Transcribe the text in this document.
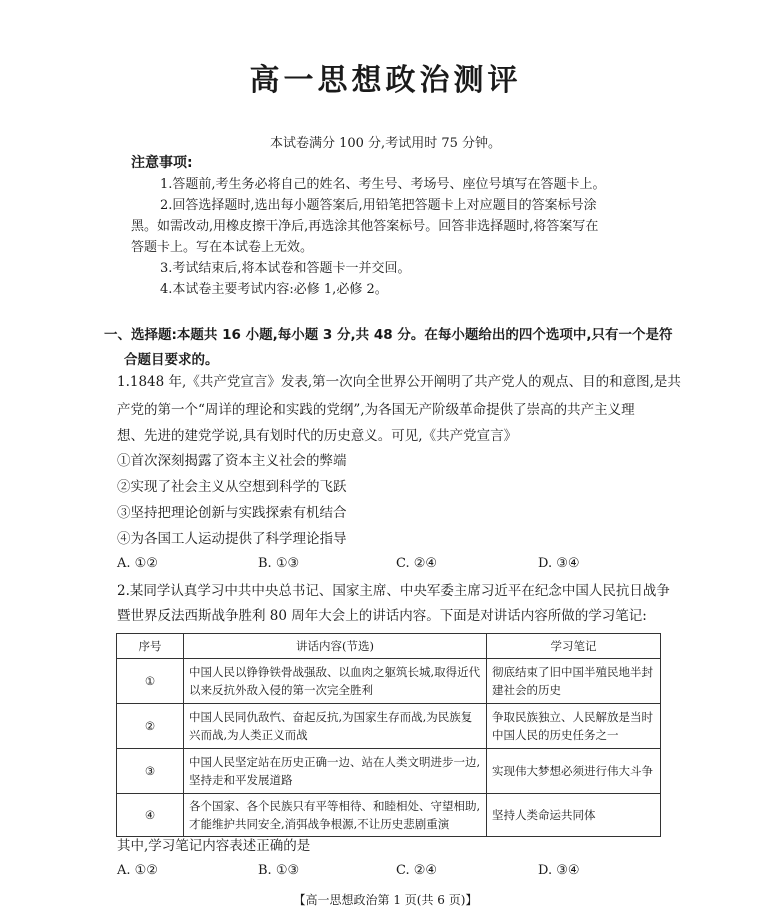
高一思想政治测评
本试卷满分 100 分,考试用时 75 分钟。
注意事项:
1.答题前,考生务必将自己的姓名、考生号、考场号、座位号填写在答题卡上。
2.回答选择题时,选出每小题答案后,用铅笔把答题卡上对应题目的答案标号涂
黑。如需改动,用橡皮擦干净后,再选涂其他答案标号。回答非选择题时,将答案写在
答题卡上。写在本试卷上无效。
3.考试结束后,将本试卷和答题卡一并交回。
4.本试卷主要考试内容:必修 1,必修 2。
一、选择题:本题共 16 小题,每小题 3 分,共 48 分。在每小题给出的四个选项中,只有一个是符
合题目要求的。
1.1848 年,《共产党宣言》发表,第一次向全世界公开阐明了共产党人的观点、目的和意图,是共
产党的第一个“周详的理论和实践的党纲”,为各国无产阶级革命提供了崇高的共产主义理
想、先进的建党学说,具有划时代的历史意义。可见,《共产党宣言》
①首次深刻揭露了资本主义社会的弊端
②实现了社会主义从空想到科学的飞跃
③坚持把理论创新与实践探索有机结合
④为各国工人运动提供了科学理论指导
A. ①②	B. ①③	C. ②④	D. ③④
2.某同学认真学习中共中央总书记、国家主席、中央军委主席习近平在纪念中国人民抗日战争
暨世界反法西斯战争胜利 80 周年大会上的讲话内容。下面是对讲话内容所做的学习笔记:
序号	讲话内容(节选)	学习笔记
①	中国人民以铮铮铁骨战强敌、以血肉之躯筑长城,取得近代以来反抗外敌入侵的第一次完全胜利	彻底结束了旧中国半殖民地半封建社会的历史
②	中国人民同仇敌忾、奋起反抗,为国家生存而战,为民族复兴而战,为人类正义而战	争取民族独立、人民解放是当时中国人民的历史任务之一
③	中国人民坚定站在历史正确一边、站在人类文明进步一边,坚持走和平发展道路	实现伟大梦想必须进行伟大斗争
④	各个国家、各个民族只有平等相待、和睦相处、守望相助,才能维护共同安全,消弭战争根源,不让历史悲剧重演	坚持人类命运共同体
其中,学习笔记内容表述正确的是
A. ①②	B. ①③	C. ②④	D. ③④
【高一思想政治第 1 页(共 6 页)】
